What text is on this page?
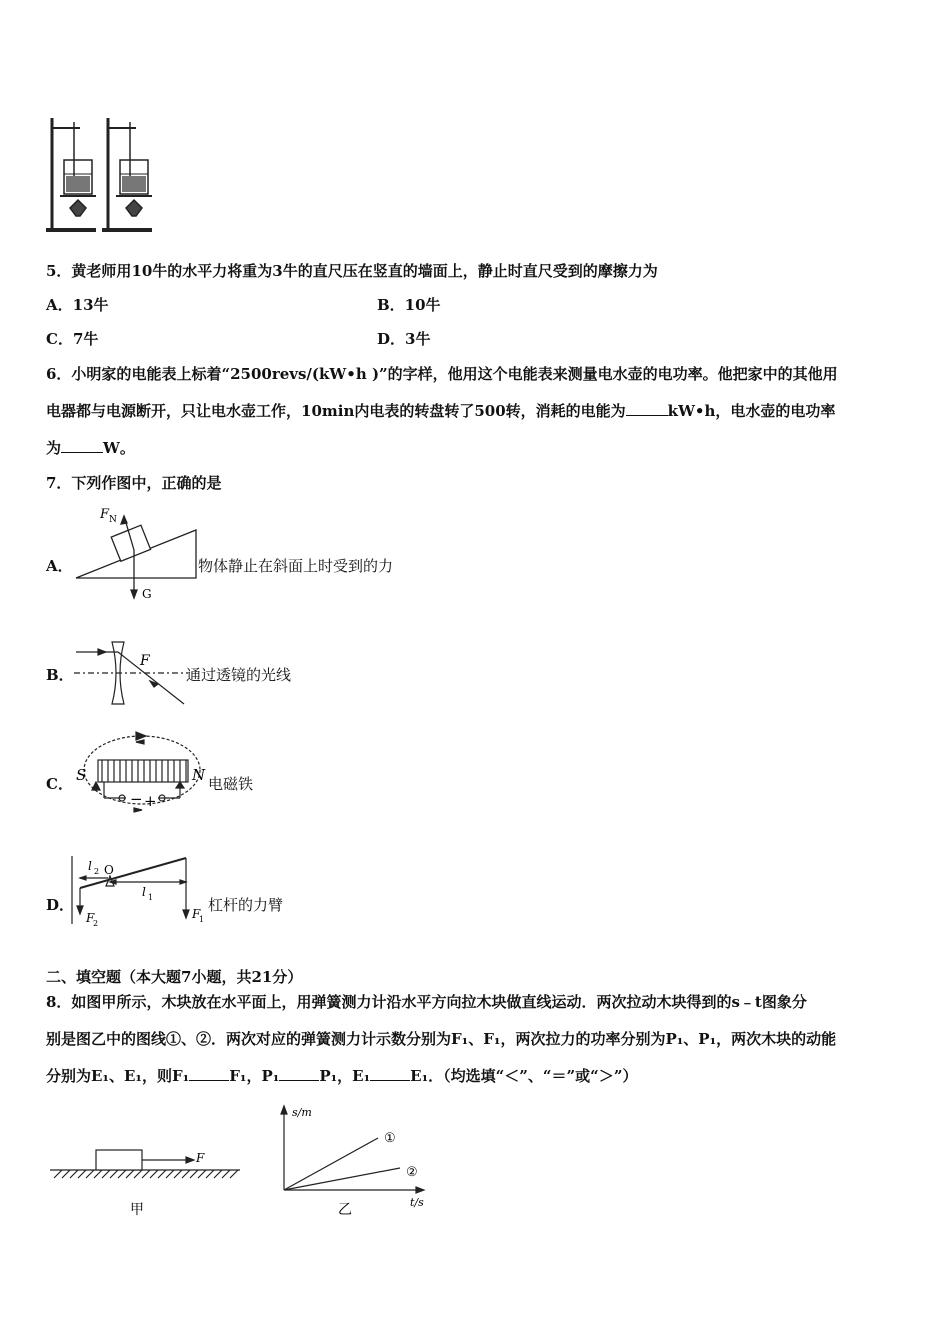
5．黄老师用10牛的水平力将重为3牛的直尺压在竖直的墙面上，静止时直尺受到的摩擦力为
A．13牛	B．10牛
C．7牛	D．3牛
6．小明家的电能表上标着“2500revs/(kW•h )”的字样，他用这个电能表来测量电水壶的电功率。他把家中的其他用
电器都与电源断开，只让电水壶工作，10min内电表的转盘转了500转，消耗的电能为	kW•h，电水壶的电功率
为	W。
7．下列作图中，正确的是
A．
F N
G
物体静止在斜面上时受到的力
B．
F
通过透镜的光线
C． S	N
− +
电磁铁
D．
l 2 O
l 1
F
2
F
1
杠杆的力臂
二、填空题（本大题7小题，共21分）
8．如图甲所示，木块放在水平面上，用弹簧测力计沿水平方向拉木块做直线运动．两次拉动木块得到的s﹣t图象分
别是图乙中的图线①、②．两次对应的弹簧测力计示数分别为F₁、F₁，两次拉力的功率分别为P₁、P₁，两次木块的动能
分别为E₁、E₁，则F₁	F₁，P₁	P₁，E₁	E₁．（均选填“＜”、“＝”或“＞”）
F
甲
s/m
t/s
①
②
乙
